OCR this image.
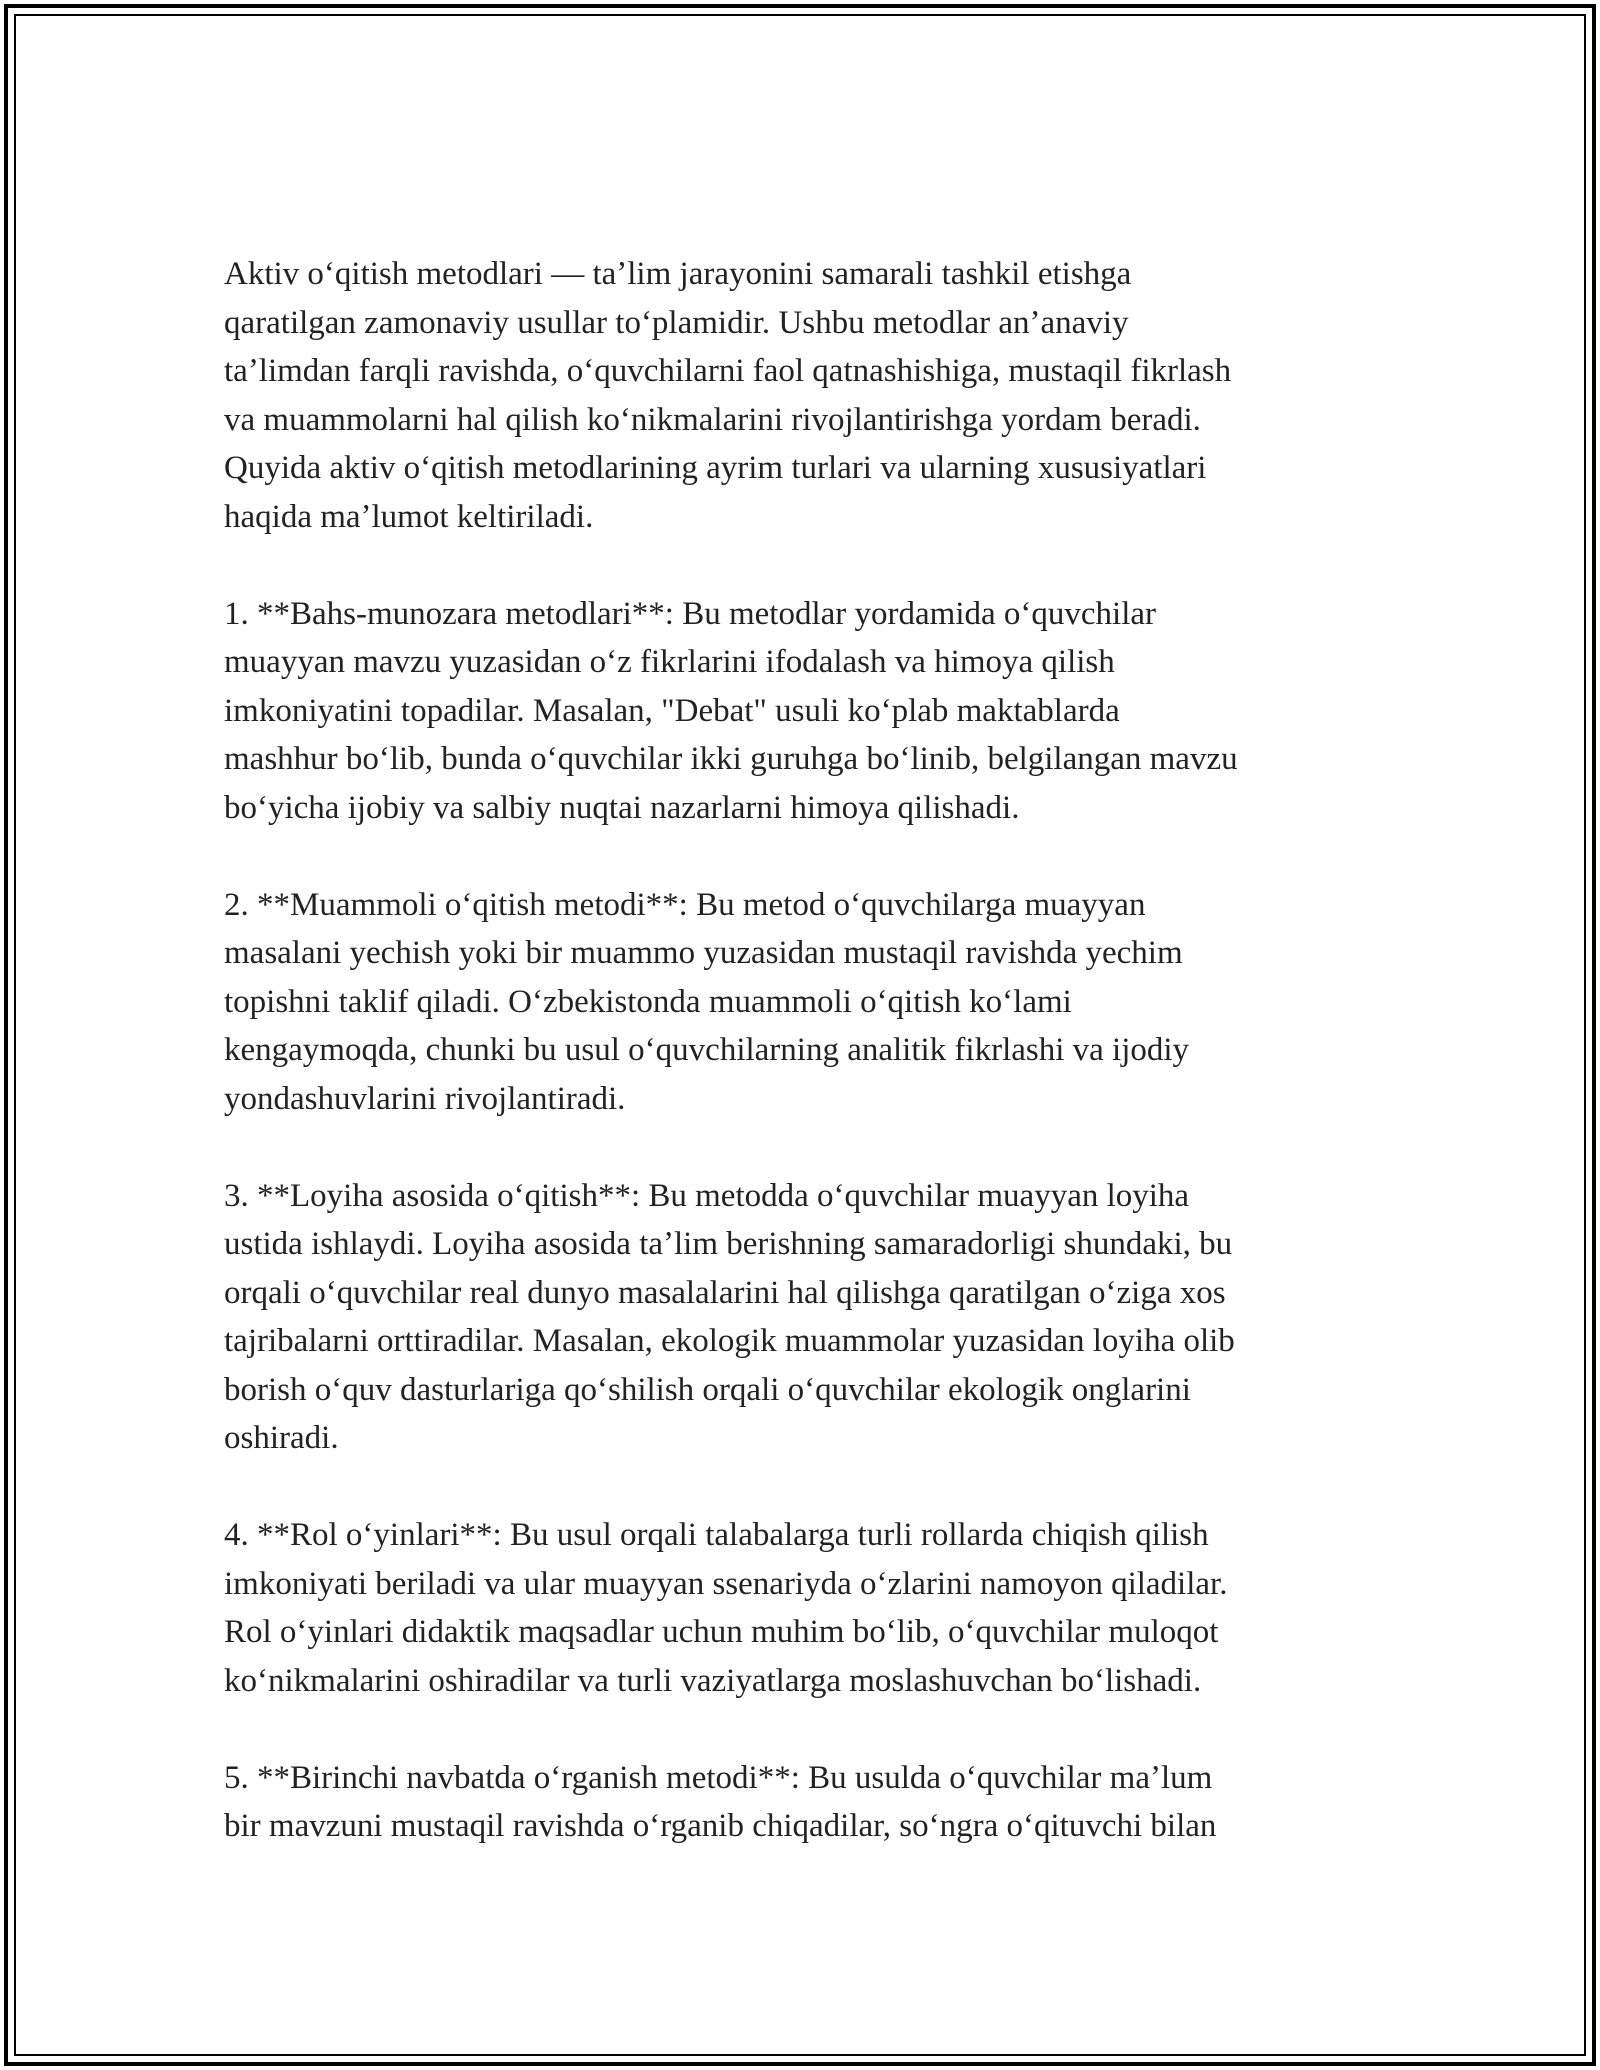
Aktiv oʻqitish metodlari — taʼlim jarayonini samarali tashkil etishga
qaratilgan zamonaviy usullar toʻplamidir. Ushbu metodlar anʼanaviy
taʼlimdan farqli ravishda, oʻquvchilarni faol qatnashishiga, mustaqil fikrlash
va muammolarni hal qilish koʻnikmalarini rivojlantirishga yordam beradi.
Quyida aktiv oʻqitish metodlarining ayrim turlari va ularning xususiyatlari
haqida maʼlumot keltiriladi.

1. **Bahs-munozara metodlari**: Bu metodlar yordamida oʻquvchilar
muayyan mavzu yuzasidan oʻz fikrlarini ifodalash va himoya qilish
imkoniyatini topadilar. Masalan, "Debat" usuli koʻplab maktablarda
mashhur boʻlib, bunda oʻquvchilar ikki guruhga boʻlinib, belgilangan mavzu
boʻyicha ijobiy va salbiy nuqtai nazarlarni himoya qilishadi.

2. **Muammoli oʻqitish metodi**: Bu metod oʻquvchilarga muayyan
masalani yechish yoki bir muammo yuzasidan mustaqil ravishda yechim
topishni taklif qiladi. Oʻzbekistonda muammoli oʻqitish koʻlami
kengaymoqda, chunki bu usul oʻquvchilarning analitik fikrlashi va ijodiy
yondashuvlarini rivojlantiradi.

3. **Loyiha asosida oʻqitish**: Bu metodda oʻquvchilar muayyan loyiha
ustida ishlaydi. Loyiha asosida taʼlim berishning samaradorligi shundaki, bu
orqali oʻquvchilar real dunyo masalalarini hal qilishga qaratilgan oʻziga xos
tajribalarni orttiradilar. Masalan, ekologik muammolar yuzasidan loyiha olib
borish oʻquv dasturlariga qoʻshilish orqali oʻquvchilar ekologik onglarini
oshiradi.

4. **Rol oʻyinlari**: Bu usul orqali talabalarga turli rollarda chiqish qilish
imkoniyati beriladi va ular muayyan ssenariyda oʻzlarini namoyon qiladilar.
Rol oʻyinlari didaktik maqsadlar uchun muhim boʻlib, oʻquvchilar muloqot
koʻnikmalarini oshiradilar va turli vaziyatlarga moslashuvchan boʻlishadi.

5. **Birinchi navbatda oʻrganish metodi**: Bu usulda oʻquvchilar maʼlum
bir mavzuni mustaqil ravishda oʻrganib chiqadilar, soʻngra oʻqituvchi bilan
